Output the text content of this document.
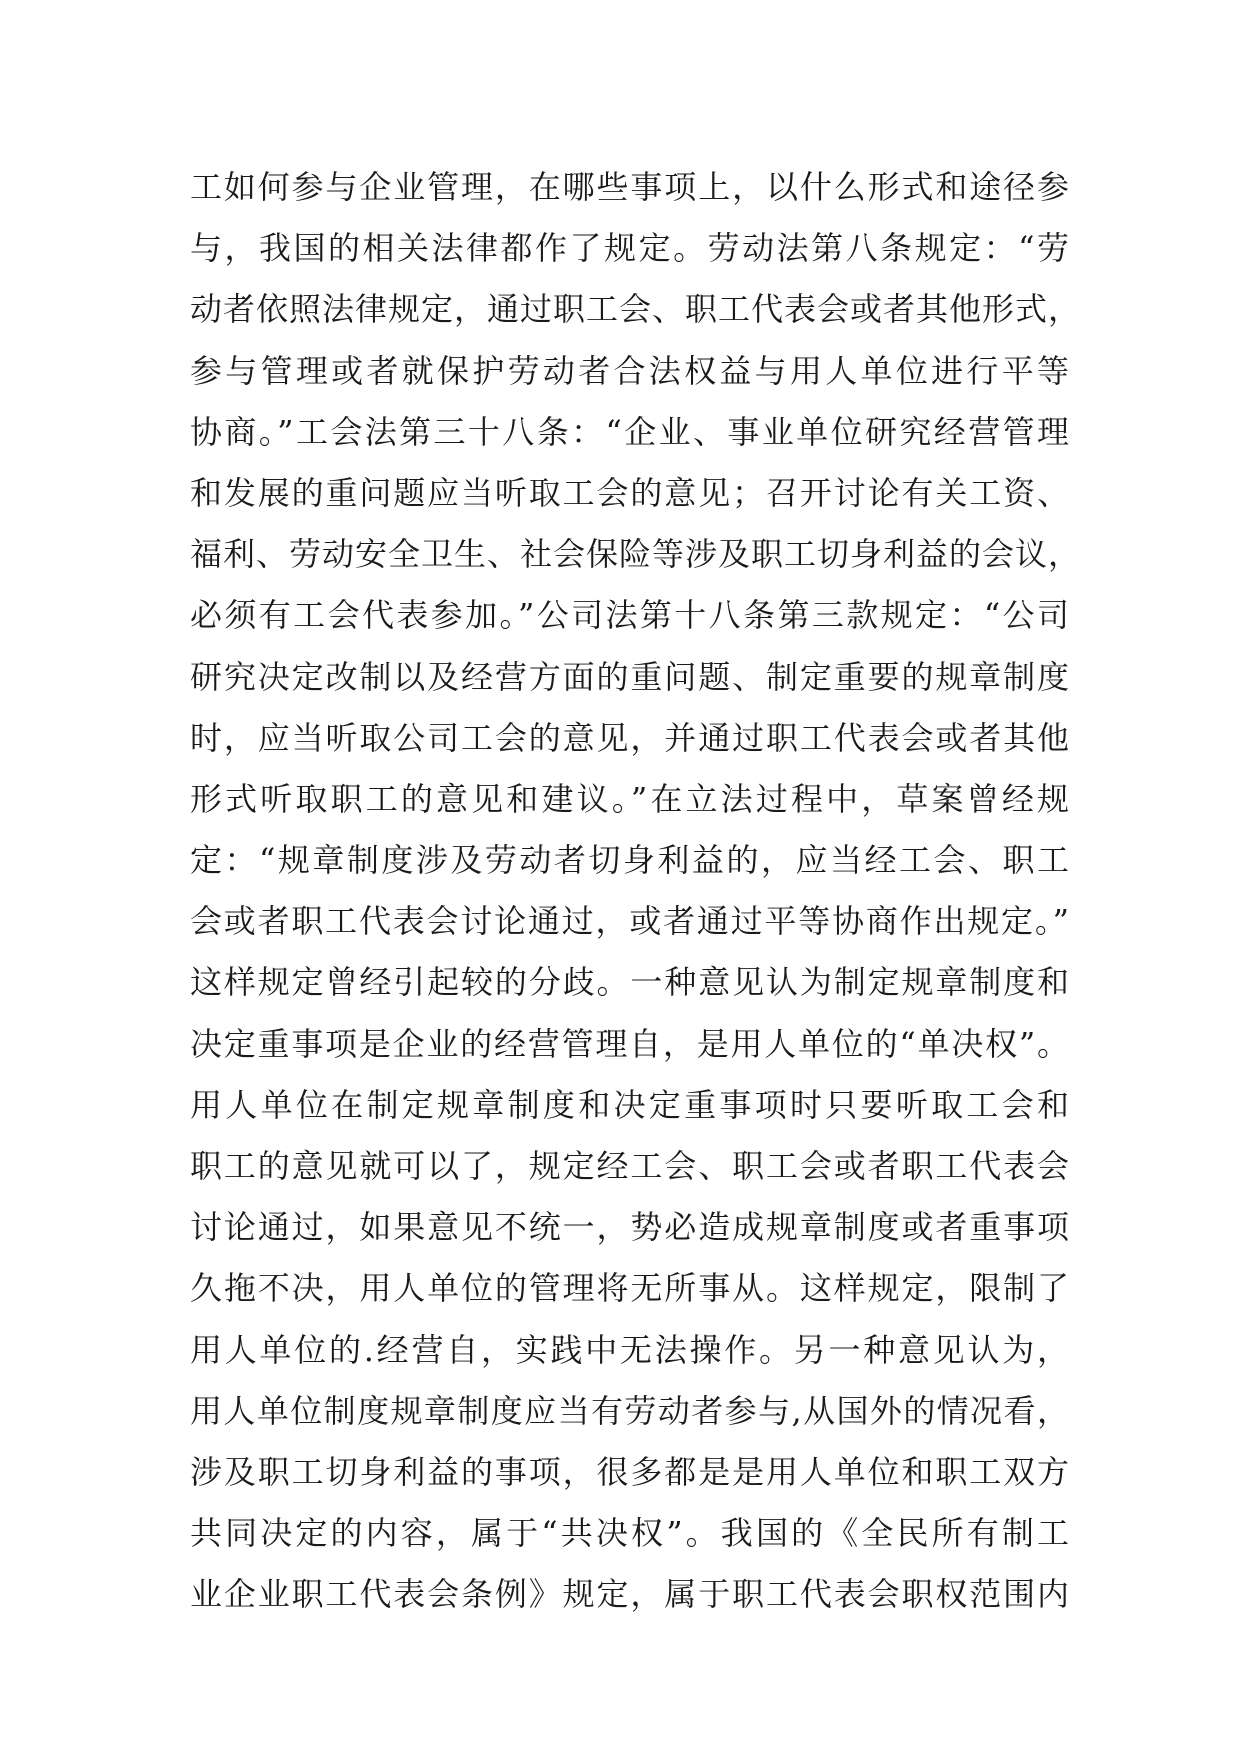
工如何参与企业管理，在哪些事项上，以什么形式和途径参
与，我国的相关法律都作了规定。劳动法第八条规定：“劳
动者依照法律规定，通过职工会、职工代表会或者其他形式，
参与管理或者就保护劳动者合法权益与用人单位进行平等
协商。”工会法第三十八条：“企业、事业单位研究经营管理
和发展的重问题应当听取工会的意见；召开讨论有关工资、
福利、劳动安全卫生、社会保险等涉及职工切身利益的会议，
必须有工会代表参加。”公司法第十八条第三款规定：“公司
研究决定改制以及经营方面的重问题、制定重要的规章制度
时，应当听取公司工会的意见，并通过职工代表会或者其他
形式听取职工的意见和建议。”在立法过程中，草案曾经规
定：“规章制度涉及劳动者切身利益的，应当经工会、职工
会或者职工代表会讨论通过，或者通过平等协商作出规定。”
这样规定曾经引起较的分歧。一种意见认为制定规章制度和
决定重事项是企业的经营管理自，是用人单位的“单决权”。
用人单位在制定规章制度和决定重事项时只要听取工会和
职工的意见就可以了，规定经工会、职工会或者职工代表会
讨论通过，如果意见不统一，势必造成规章制度或者重事项
久拖不决，用人单位的管理将无所事从。这样规定，限制了
用人单位的.经营自，实践中无法操作。另一种意见认为，
用人单位制度规章制度应当有劳动者参与,从国外的情况看，
涉及职工切身利益的事项，很多都是是用人单位和职工双方
共同决定的内容，属于“共决权”。我国的《全民所有制工
业企业职工代表会条例》规定，属于职工代表会职权范围内
